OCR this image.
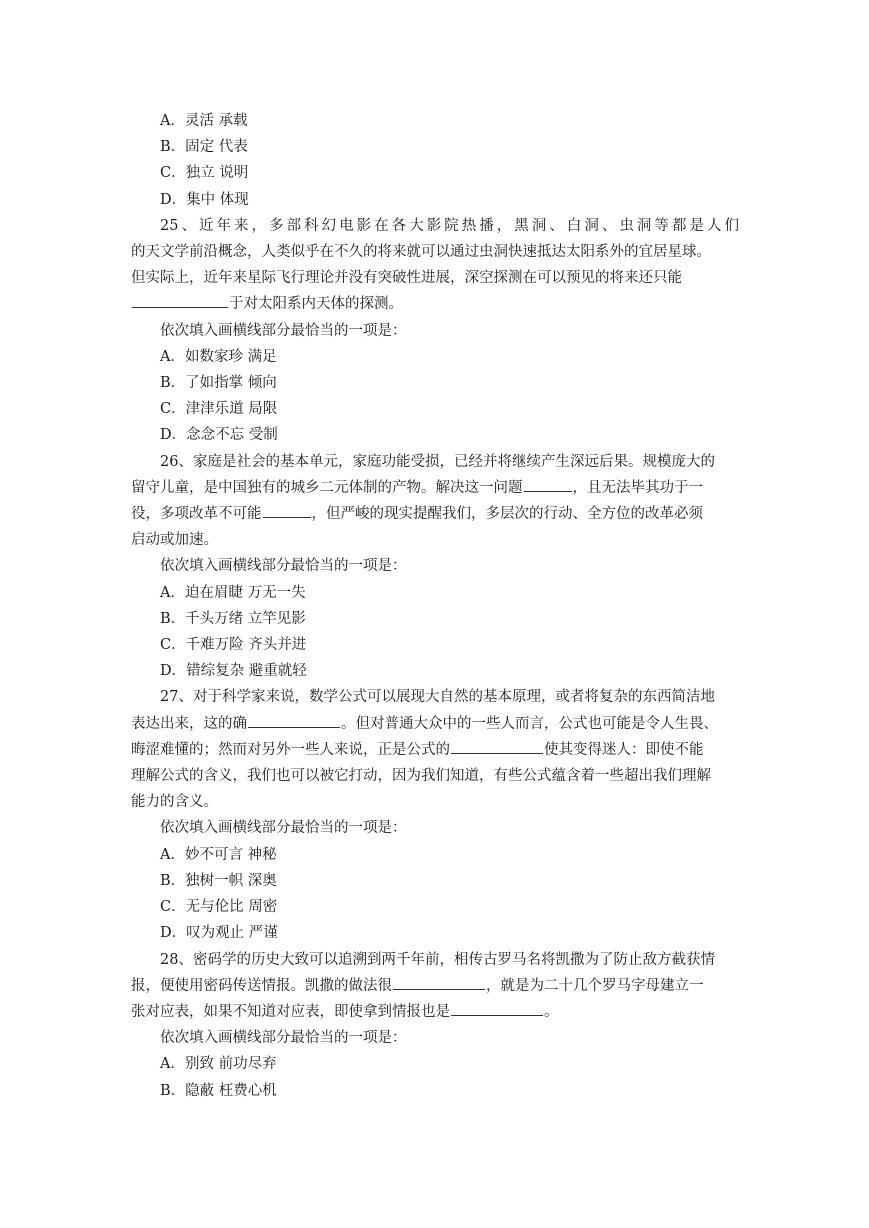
A．灵活 承载

B．固定 代表

C．独立 说明

D．集中 体现

25、近年来，多部科幻电影在各大影院热播，黑洞、白洞、虫洞等都是人们

的天文学前沿概念，人类似乎在不久的将来就可以通过虫洞快速抵达太阳系外的宜居星球。

但实际上，近年来星际飞行理论并没有突破性进展，深空探测在可以预见的将来还只能

于对太阳系内天体的探测。

依次填入画横线部分最恰当的一项是：

A．如数家珍 满足

B．了如指掌 倾向

C．津津乐道 局限

D．念念不忘 受制

26、家庭是社会的基本单元，家庭功能受损，已经并将继续产生深远后果。规模庞大的

留守儿童，是中国独有的城乡二元体制的产物。解决这一问题	，且无法毕其功于一

役，多项改革不可能	，但严峻的现实提醒我们，多层次的行动、全方位的改革必须

启动或加速。

依次填入画横线部分最恰当的一项是：

A．迫在眉睫 万无一失

B．千头万绪 立竿见影

C．千难万险 齐头并进

D．错综复杂 避重就轻

27、对于科学家来说，数学公式可以展现大自然的基本原理，或者将复杂的东西简洁地

表达出来，这的确	。但对普通大众中的一些人而言，公式也可能是令人生畏、

晦涩难懂的；然而对另外一些人来说，正是公式的	使其变得迷人：即使不能

理解公式的含义，我们也可以被它打动，因为我们知道，有些公式蕴含着一些超出我们理解

能力的含义。

依次填入画横线部分最恰当的一项是：

A．妙不可言 神秘

B．独树一帜 深奥

C．无与伦比 周密

D．叹为观止 严谨

28、密码学的历史大致可以追溯到两千年前，相传古罗马名将凯撒为了防止敌方截获情

报，便使用密码传送情报。凯撒的做法很	，就是为二十几个罗马字母建立一

张对应表，如果不知道对应表，即使拿到情报也是	。

依次填入画横线部分最恰当的一项是：

A．别致 前功尽弃

B．隐蔽 枉费心机
